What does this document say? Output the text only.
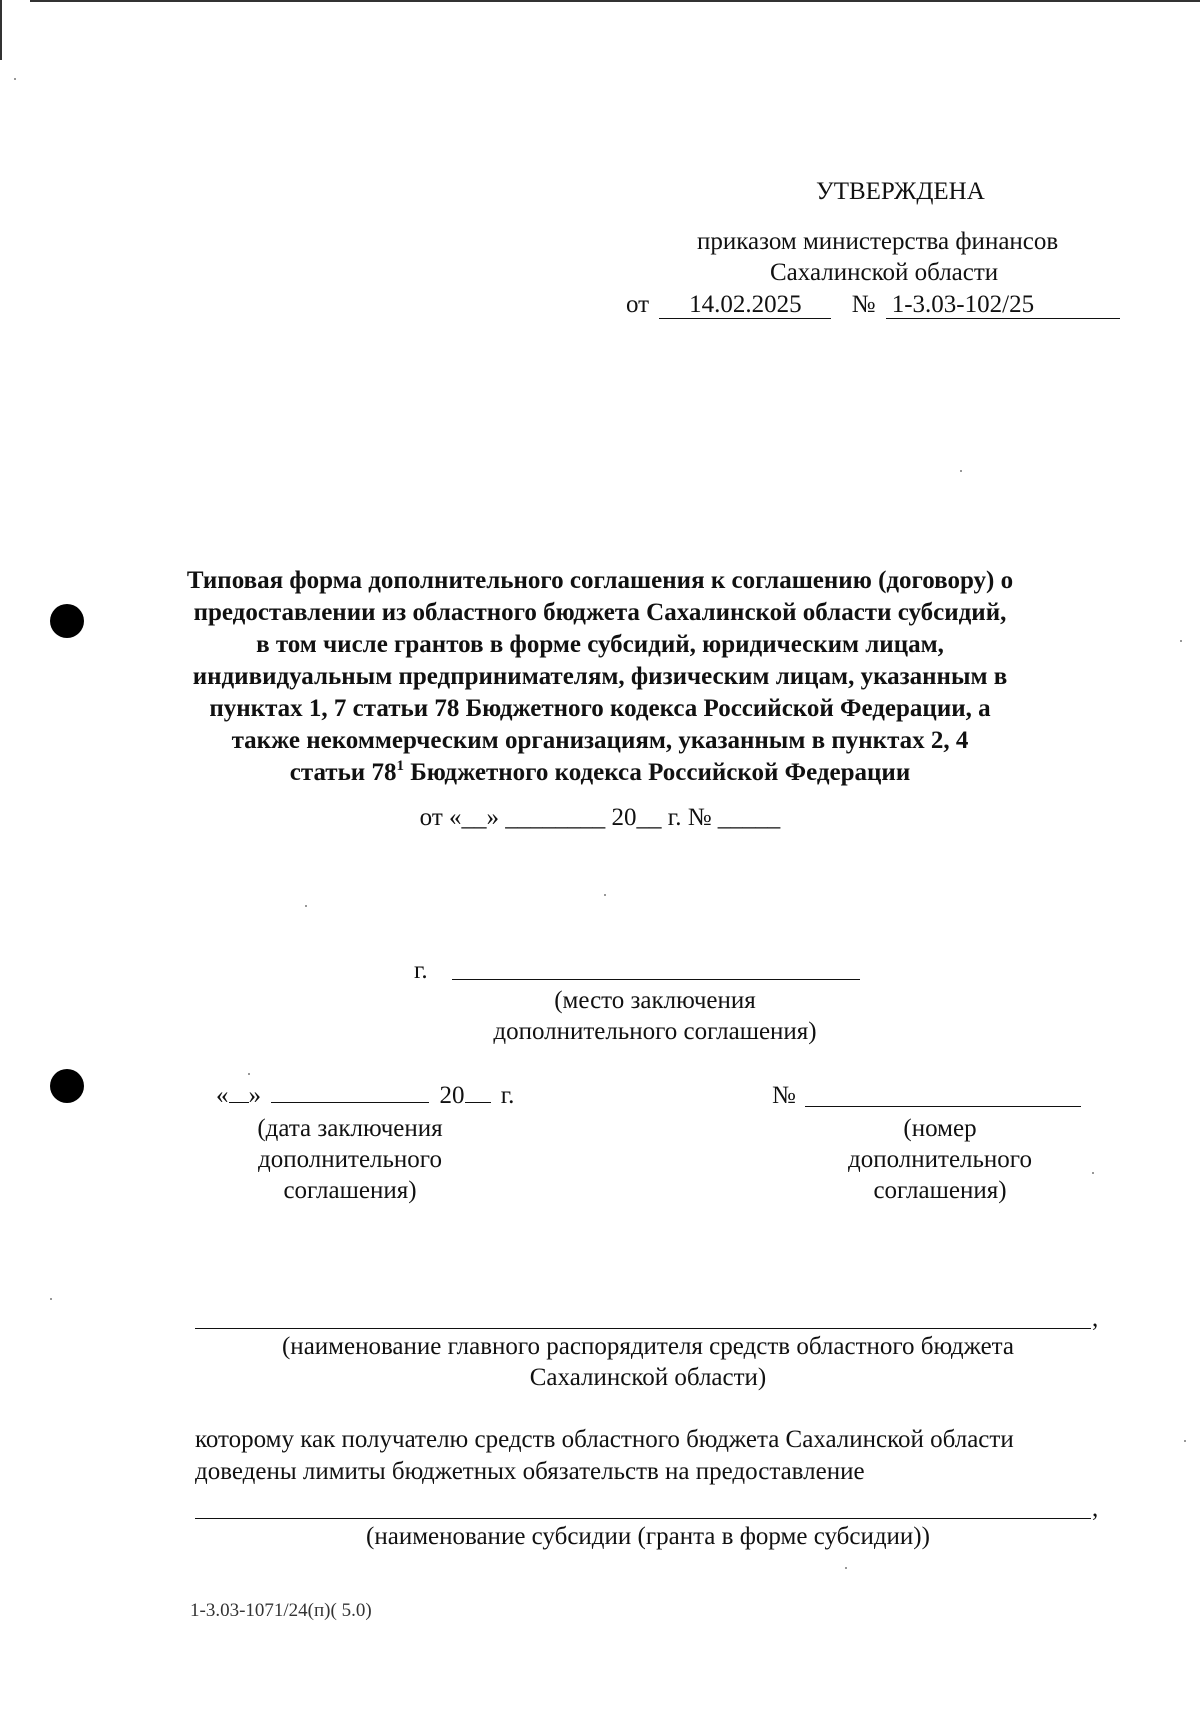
УТВЕРЖДЕНА
приказом министерства финансов
Сахалинской области
от 14.02.2025 № 1-3.03-102/25
Типовая форма дополнительного соглашения к соглашению (договору) о
предоставлении из областного бюджета Сахалинской области субсидий,
в том числе грантов в форме субсидий, юридическим лицам,
индивидуальным предпринимателям, физическим лицам, указанным в
пунктах 1, 7 статьи 78 Бюджетного кодекса Российской Федерации, а
также некоммерческим организациям, указанным в пунктах 2, 4
статьи $78^1$ Бюджетного кодекса Российской Федерации
от «__» ________ 20__ г. № _____
г.
(место заключения
дополнительного соглашения)
« »	20 г.
(дата заключения
дополнительного
соглашения)
№
(номер
дополнительного
соглашения)
,
(наименование главного распорядителя средств областного бюджета
Сахалинской области)
которому как получателю средств областного бюджета Сахалинской области
доведены лимиты бюджетных обязательств на предоставление
,
(наименование субсидии (гранта в форме субсидии))
1-3.03-1071/24(п)( 5.0)
